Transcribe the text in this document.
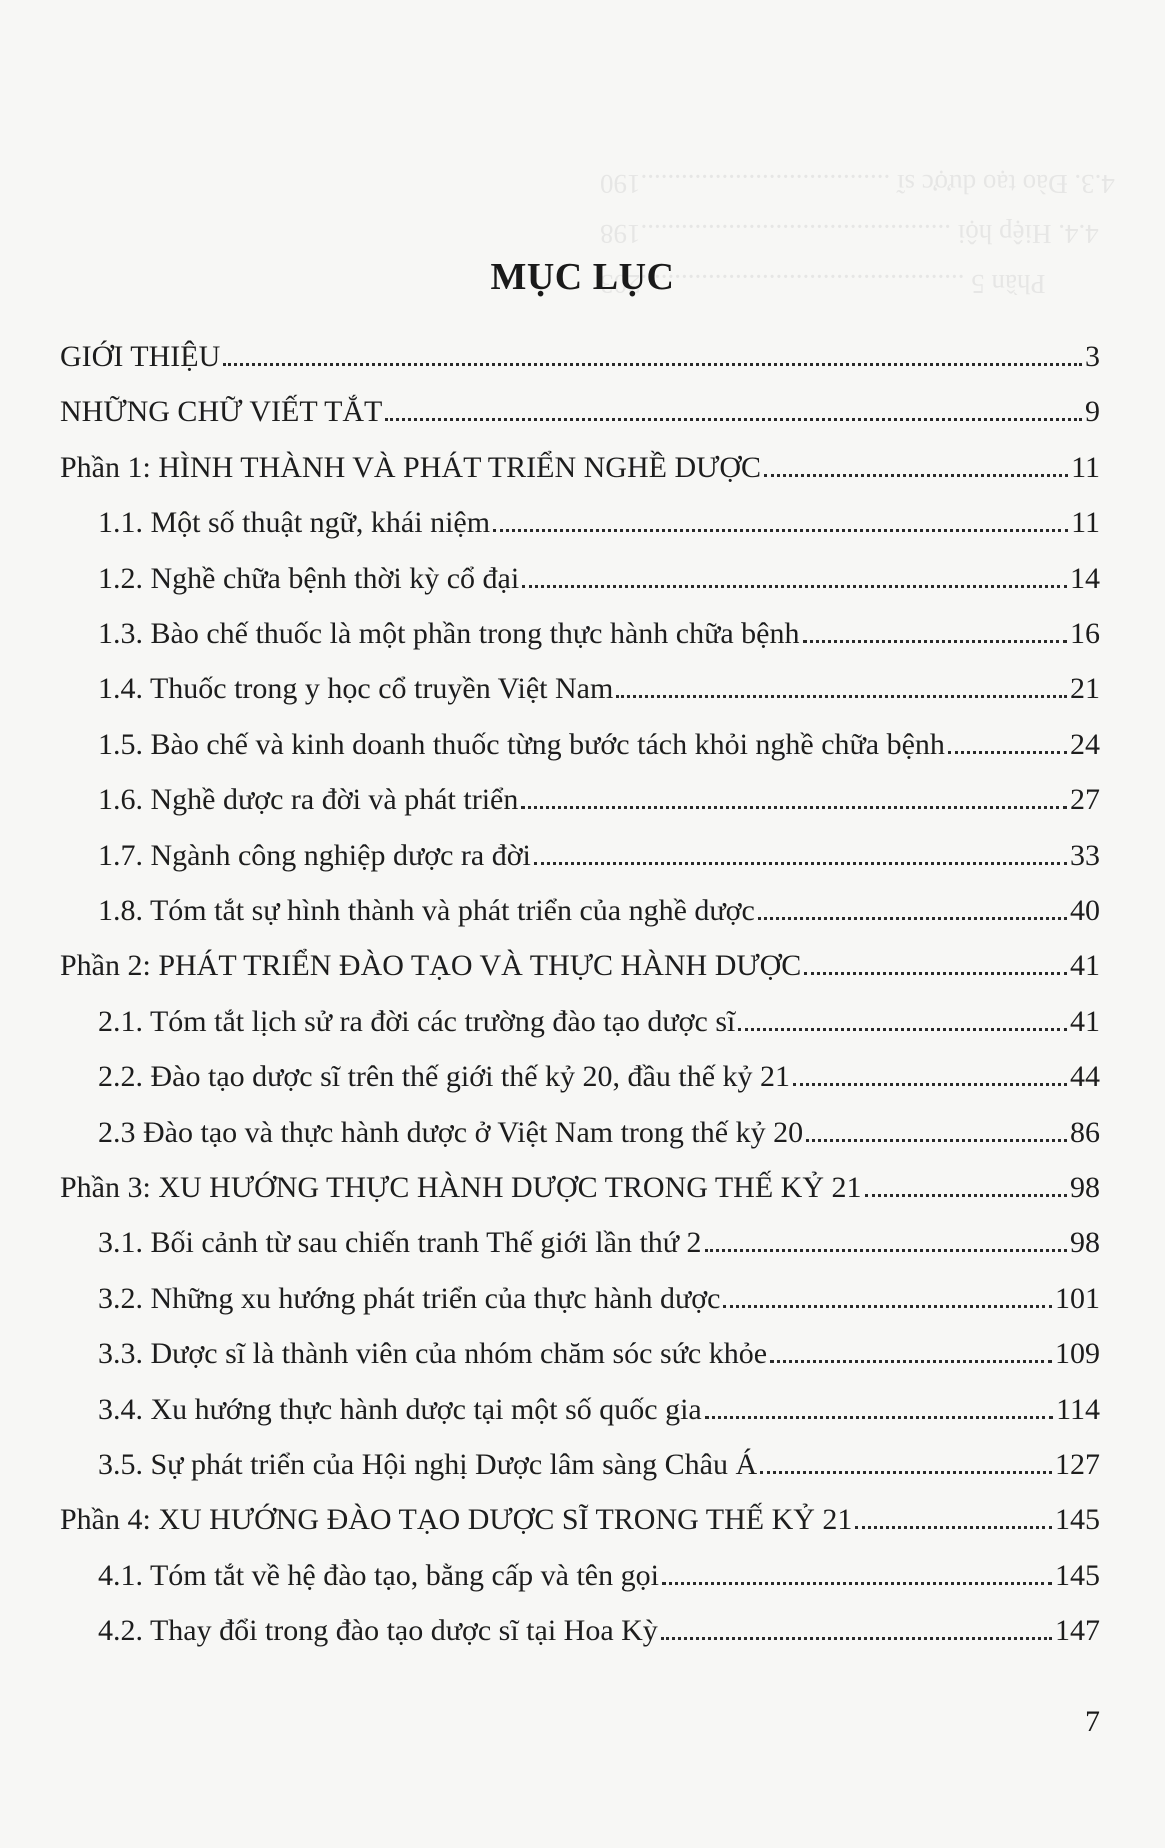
4.3. Đào tạo dược sĩ .....................................190
4.4. Hiệp hội ..............................................198
Phần 5 ................................................203
MỤC LỤC
GIỚI THIỆU	3
NHỮNG CHỮ VIẾT TẮT	9
Phần 1: HÌNH THÀNH VÀ PHÁT TRIỂN NGHỀ DƯỢC	11
1.1. Một số thuật ngữ, khái niệm	11
1.2. Nghề chữa bệnh thời kỳ cổ đại	14
1.3. Bào chế thuốc là một phần trong thực hành chữa bệnh	16
1.4. Thuốc trong y học cổ truyền Việt Nam	21
1.5. Bào chế và kinh doanh thuốc từng bước tách khỏi nghề chữa bệnh	24
1.6. Nghề dược ra đời và phát triển	27
1.7. Ngành công nghiệp dược ra đời	33
1.8. Tóm tắt sự hình thành và phát triển của nghề dược	40
Phần 2: PHÁT TRIỂN ĐÀO TẠO VÀ THỰC HÀNH DƯỢC	41
2.1. Tóm tắt lịch sử ra đời các trường đào tạo dược sĩ	41
2.2. Đào tạo dược sĩ trên thế giới thế kỷ 20, đầu thế kỷ 21	44
2.3 Đào tạo và thực hành dược ở Việt Nam trong thế kỷ 20	86
Phần 3: XU HƯỚNG THỰC HÀNH DƯỢC TRONG THẾ KỶ 21	98
3.1. Bối cảnh từ sau chiến tranh Thế giới lần thứ 2	98
3.2. Những xu hướng phát triển của thực hành dược	101
3.3. Dược sĩ là thành viên của nhóm chăm sóc sức khỏe	109
3.4. Xu hướng thực hành dược tại một số quốc gia	114
3.5. Sự phát triển của Hội nghị Dược lâm sàng Châu Á	127
Phần 4: XU HƯỚNG ĐÀO TẠO DƯỢC SĨ TRONG THẾ KỶ 21	145
4.1. Tóm tắt về hệ đào tạo, bằng cấp và tên gọi	145
4.2. Thay đổi trong đào tạo dược sĩ tại Hoa Kỳ	147
7
